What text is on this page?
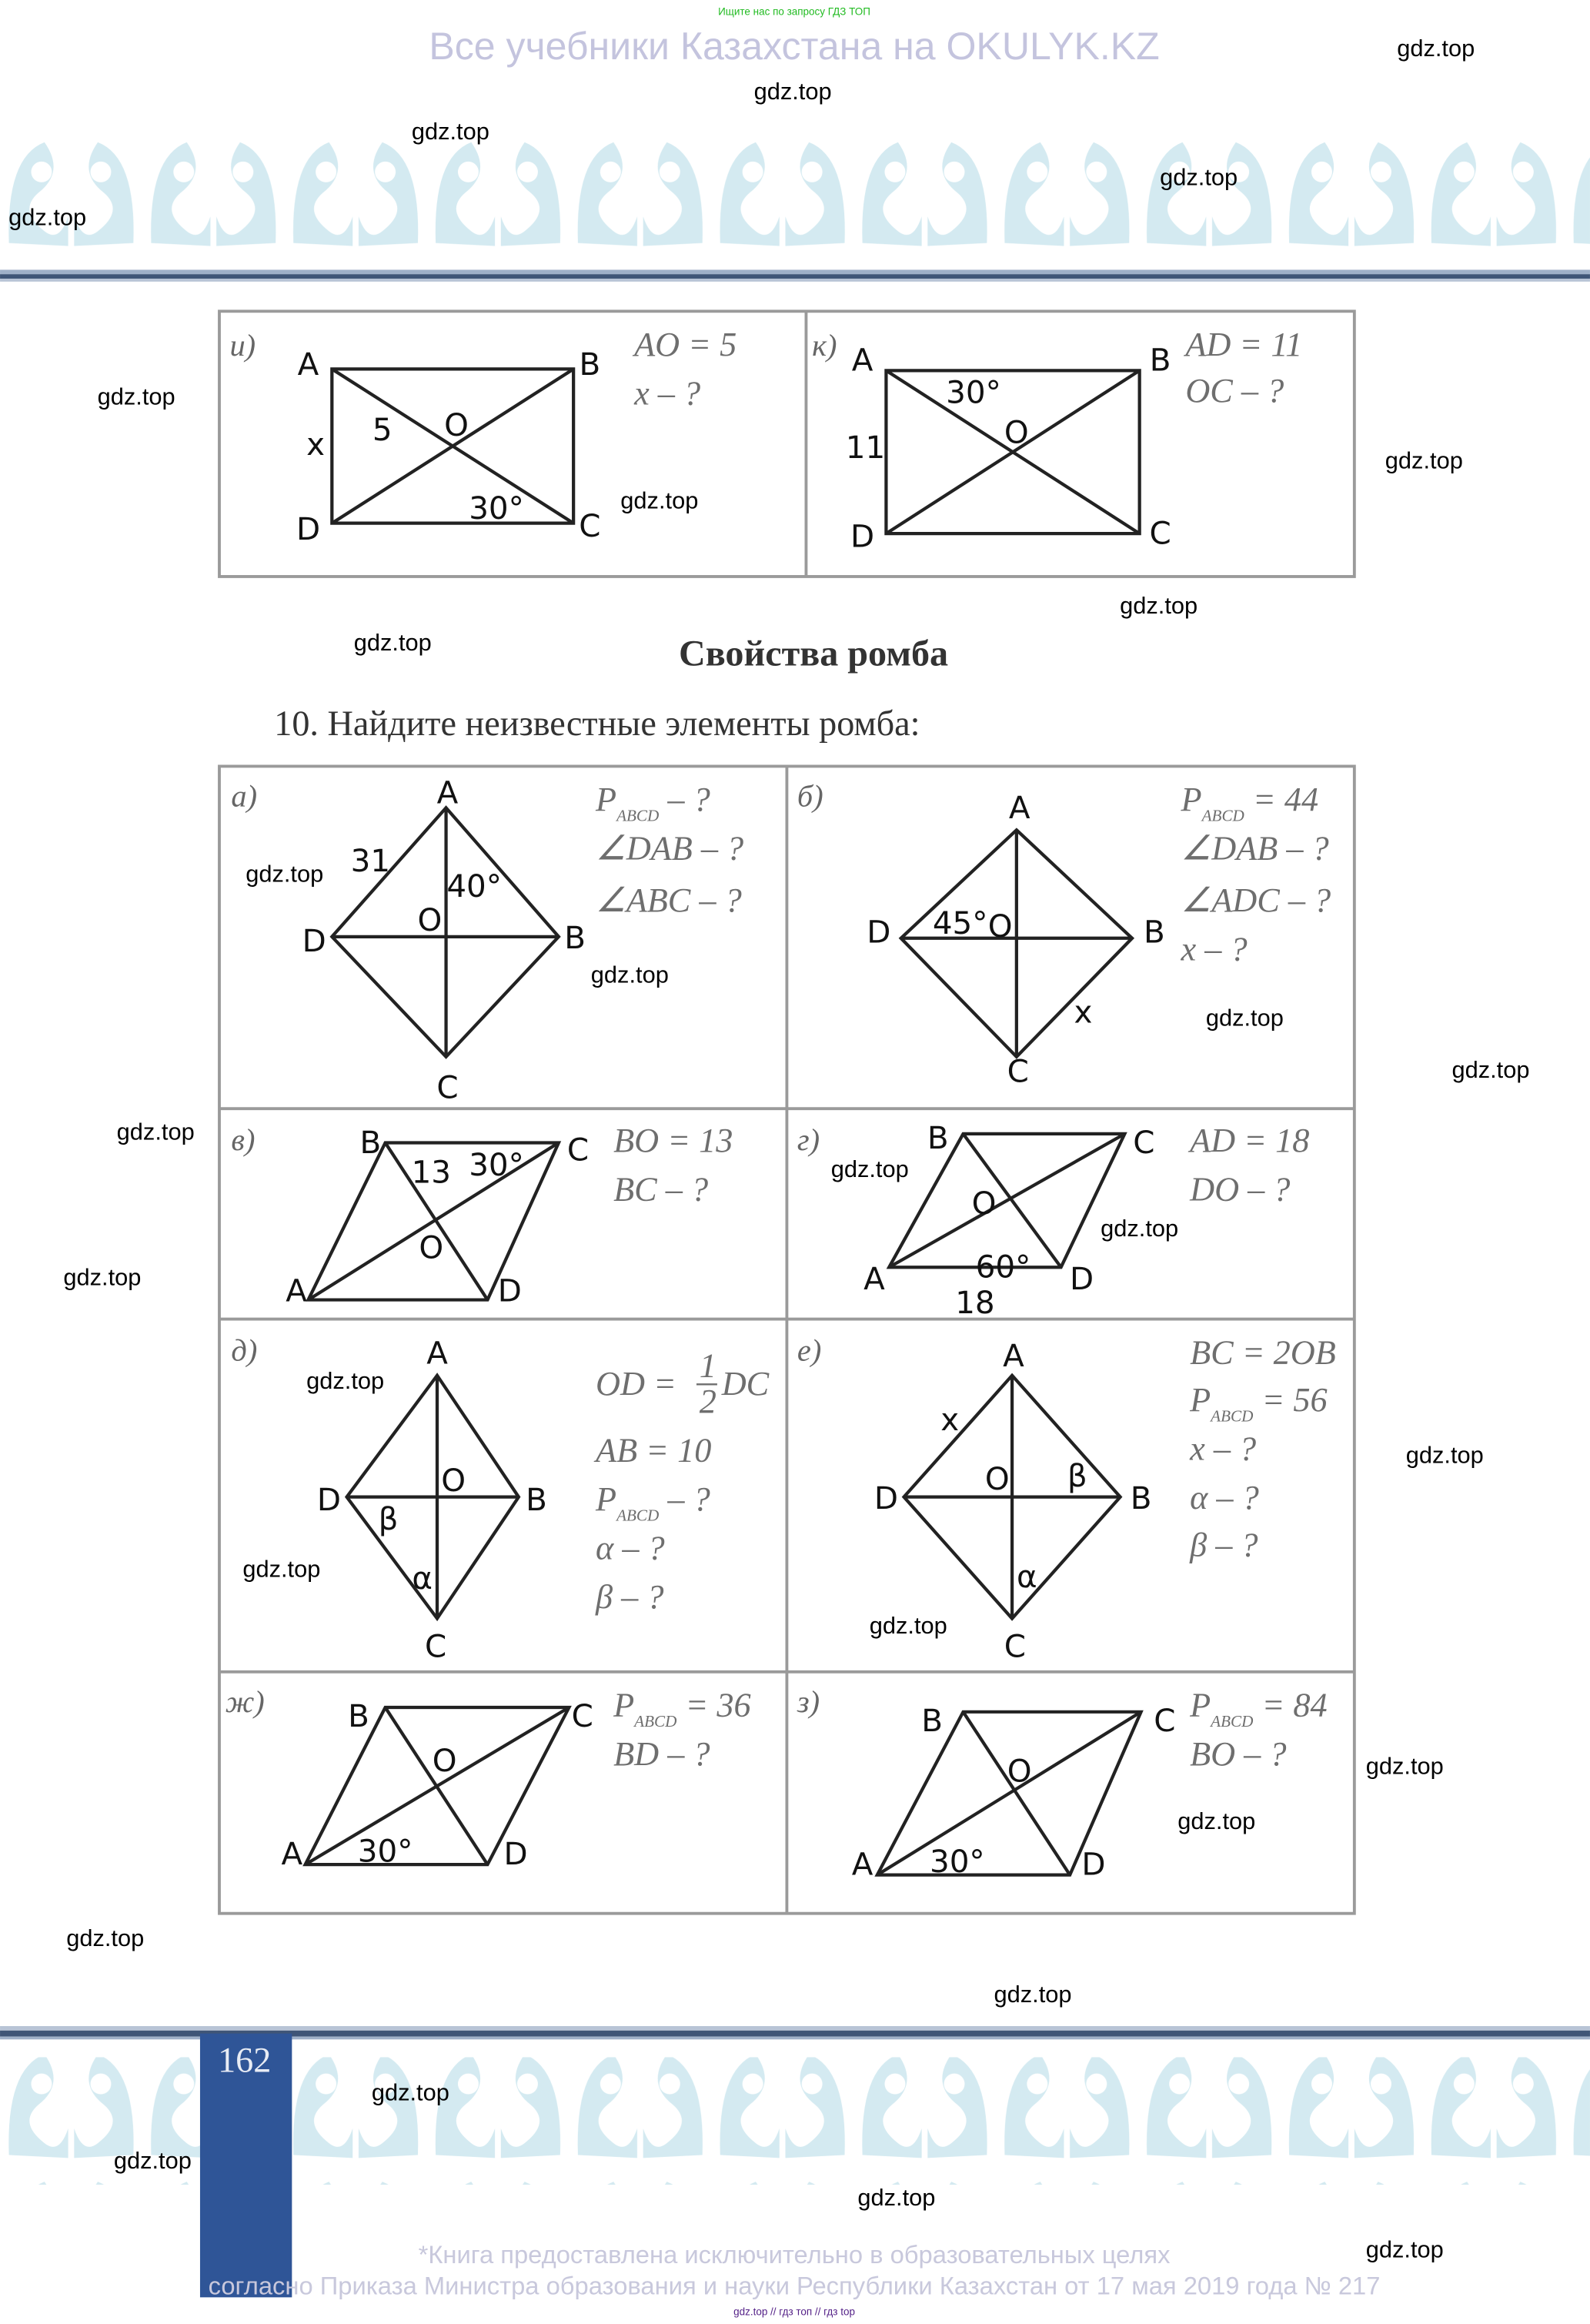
Ищите нас по запросу ГДЗ ТОП
Все учебники Казахстана на OKULYK.KZ
Свойства ромба
10. Найдите неизвестные элементы ромба:
и)
A	B
C
D
x	5	O
30°
AO = 5
x – ?
к) A	B
C
D
11
30°
O
AD = 11
OC – ?
а)	A
B
C
D
31
40°
O
$P_{ABCD}$ – ?
∠DAB – ?
∠ABC – ?
б)	A
B
C
D	45° O
x
$P_{ABCD} = 44$
∠DAB – ?
∠ADC – ?
x – ?
в)
A
B	C
D
13 30°
O
BO = 13
BC – ?
г)
A
B	C
D
O
60°
18
AD = 18
DO – ?
д)	A
B
C
D
O
β
α
OD = 1
2 DC
AB = 10
$P_{ABCD}$ – ?
α – ?
β – ?
е)	A
B
C
D
O	β
α
x
BC = 2OB
$P_{ABCD} = 56$
x – ?
α – ?
β – ?
ж)
A
B	C
D
O
30°
$P_{ABCD} = 36$
BD – ?
з)
A
B	C
D
O
30°
$P_{ABCD} = 84$
BO – ?
162
*Книга предоставлена исключительно в образовательных целях
согласно Приказа Министра образования и науки Республики Казахстан от 17 мая 2019 года № 217
gdz.top // гдз топ // гдз top
gdz.top
gdz.top
gdz.top
gdz.top
gdz.top
gdz.top
gdz.top
gdz.top
gdz.top
gdz.top
gdz.top
gdz.top
gdz.top
gdz.top
gdz.top
gdz.top
gdz.top
gdz.top
gdz.top
gdz.top
gdz.top
gdz.top
gdz.top
gdz.top
gdz.top
gdz.top
gdz.top
gdz.top
gdz.top
gdz.top
